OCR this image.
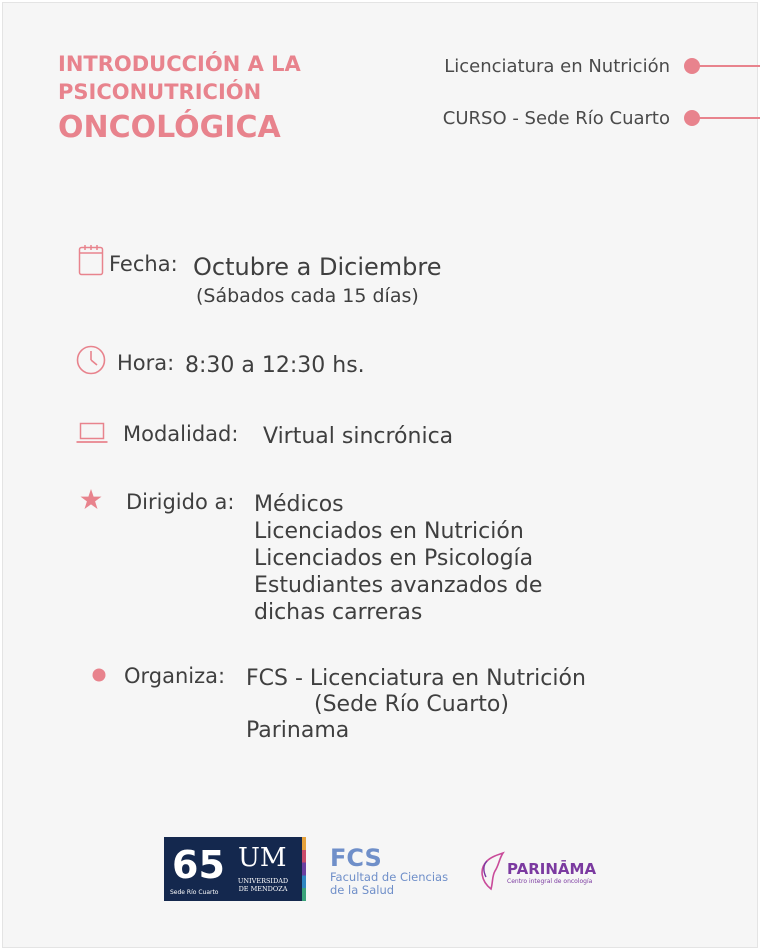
INTRODUCCIÓN A LA
PSICONUTRICIÓN
ONCOLÓGICA
Licenciatura en Nutrición
CURSO - Sede Río Cuarto
Fecha: Octubre a Diciembre
(Sábados cada 15 días)
Hora: 8:30 a 12:30 hs.
Modalidad: Virtual sincrónica
Dirigido a: Médicos
Licenciados en Nutrición
Licenciados en Psicología
Estudiantes avanzados de
dichas carreras
Organiza: FCS - Licenciatura en Nutrición
(Sede Río Cuarto)
Parinama
65
Sede Río Cuarto
UM
UNIVERSIDAD DE MENDOZA
FCS
Facultad de Ciencias
de la Salud
PARINĀMA
Centro integral de oncología
